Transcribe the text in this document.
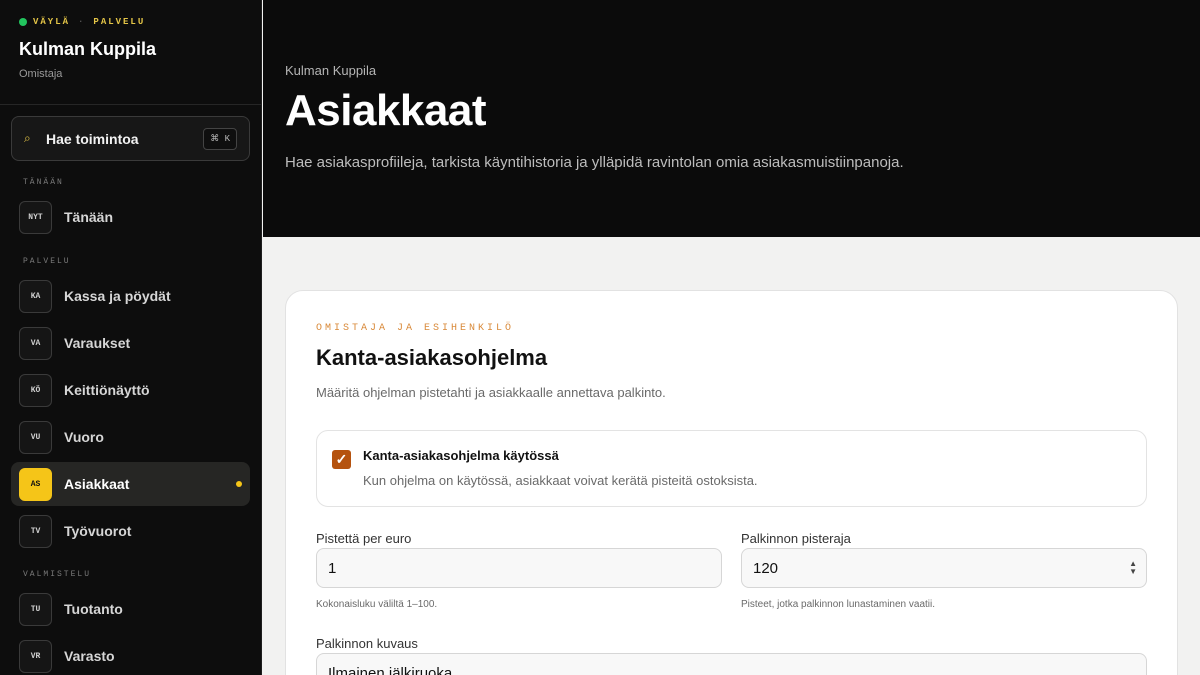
VÄYLÄ · PALVELU
Kulman Kuppila
Omistaja
⌕	Hae toimintoa	⌘ K
TÄNÄÄN
NYT	Tänään
PALVELU
KA	Kassa ja pöydät
VA	Varaukset
KÖ	Keittiönäyttö
VU	Vuoro
AS	Asiakkaat
TV	Työvuorot
VALMISTELU
TU	Tuotanto
VR	Varasto
Kulman Kuppila
Asiakkaat

Hae asiakasprofiileja, tarkista käyntihistoria ja ylläpidä ravintolan omia asiakasmuistiinpanoja.

OMISTAJA JA ESIHENKILÖ
Kanta-asiakasohjelma

Määritä ohjelman pistetahti ja asiakkaalle annettava palkinto.

✓ Kanta-asiakasohjelma käytössä
Kun ohjelma on käytössä, asiakkaat voivat kerätä pisteitä ostoksista.
Pistettä per euro
1
Kokonaisluku väliltä 1–100.
Palkinnon pisteraja
120
▲
▼
Pisteet, jotka palkinnon lunastaminen vaatii.
Palkinnon kuvaus
Ilmainen jälkiruoka
